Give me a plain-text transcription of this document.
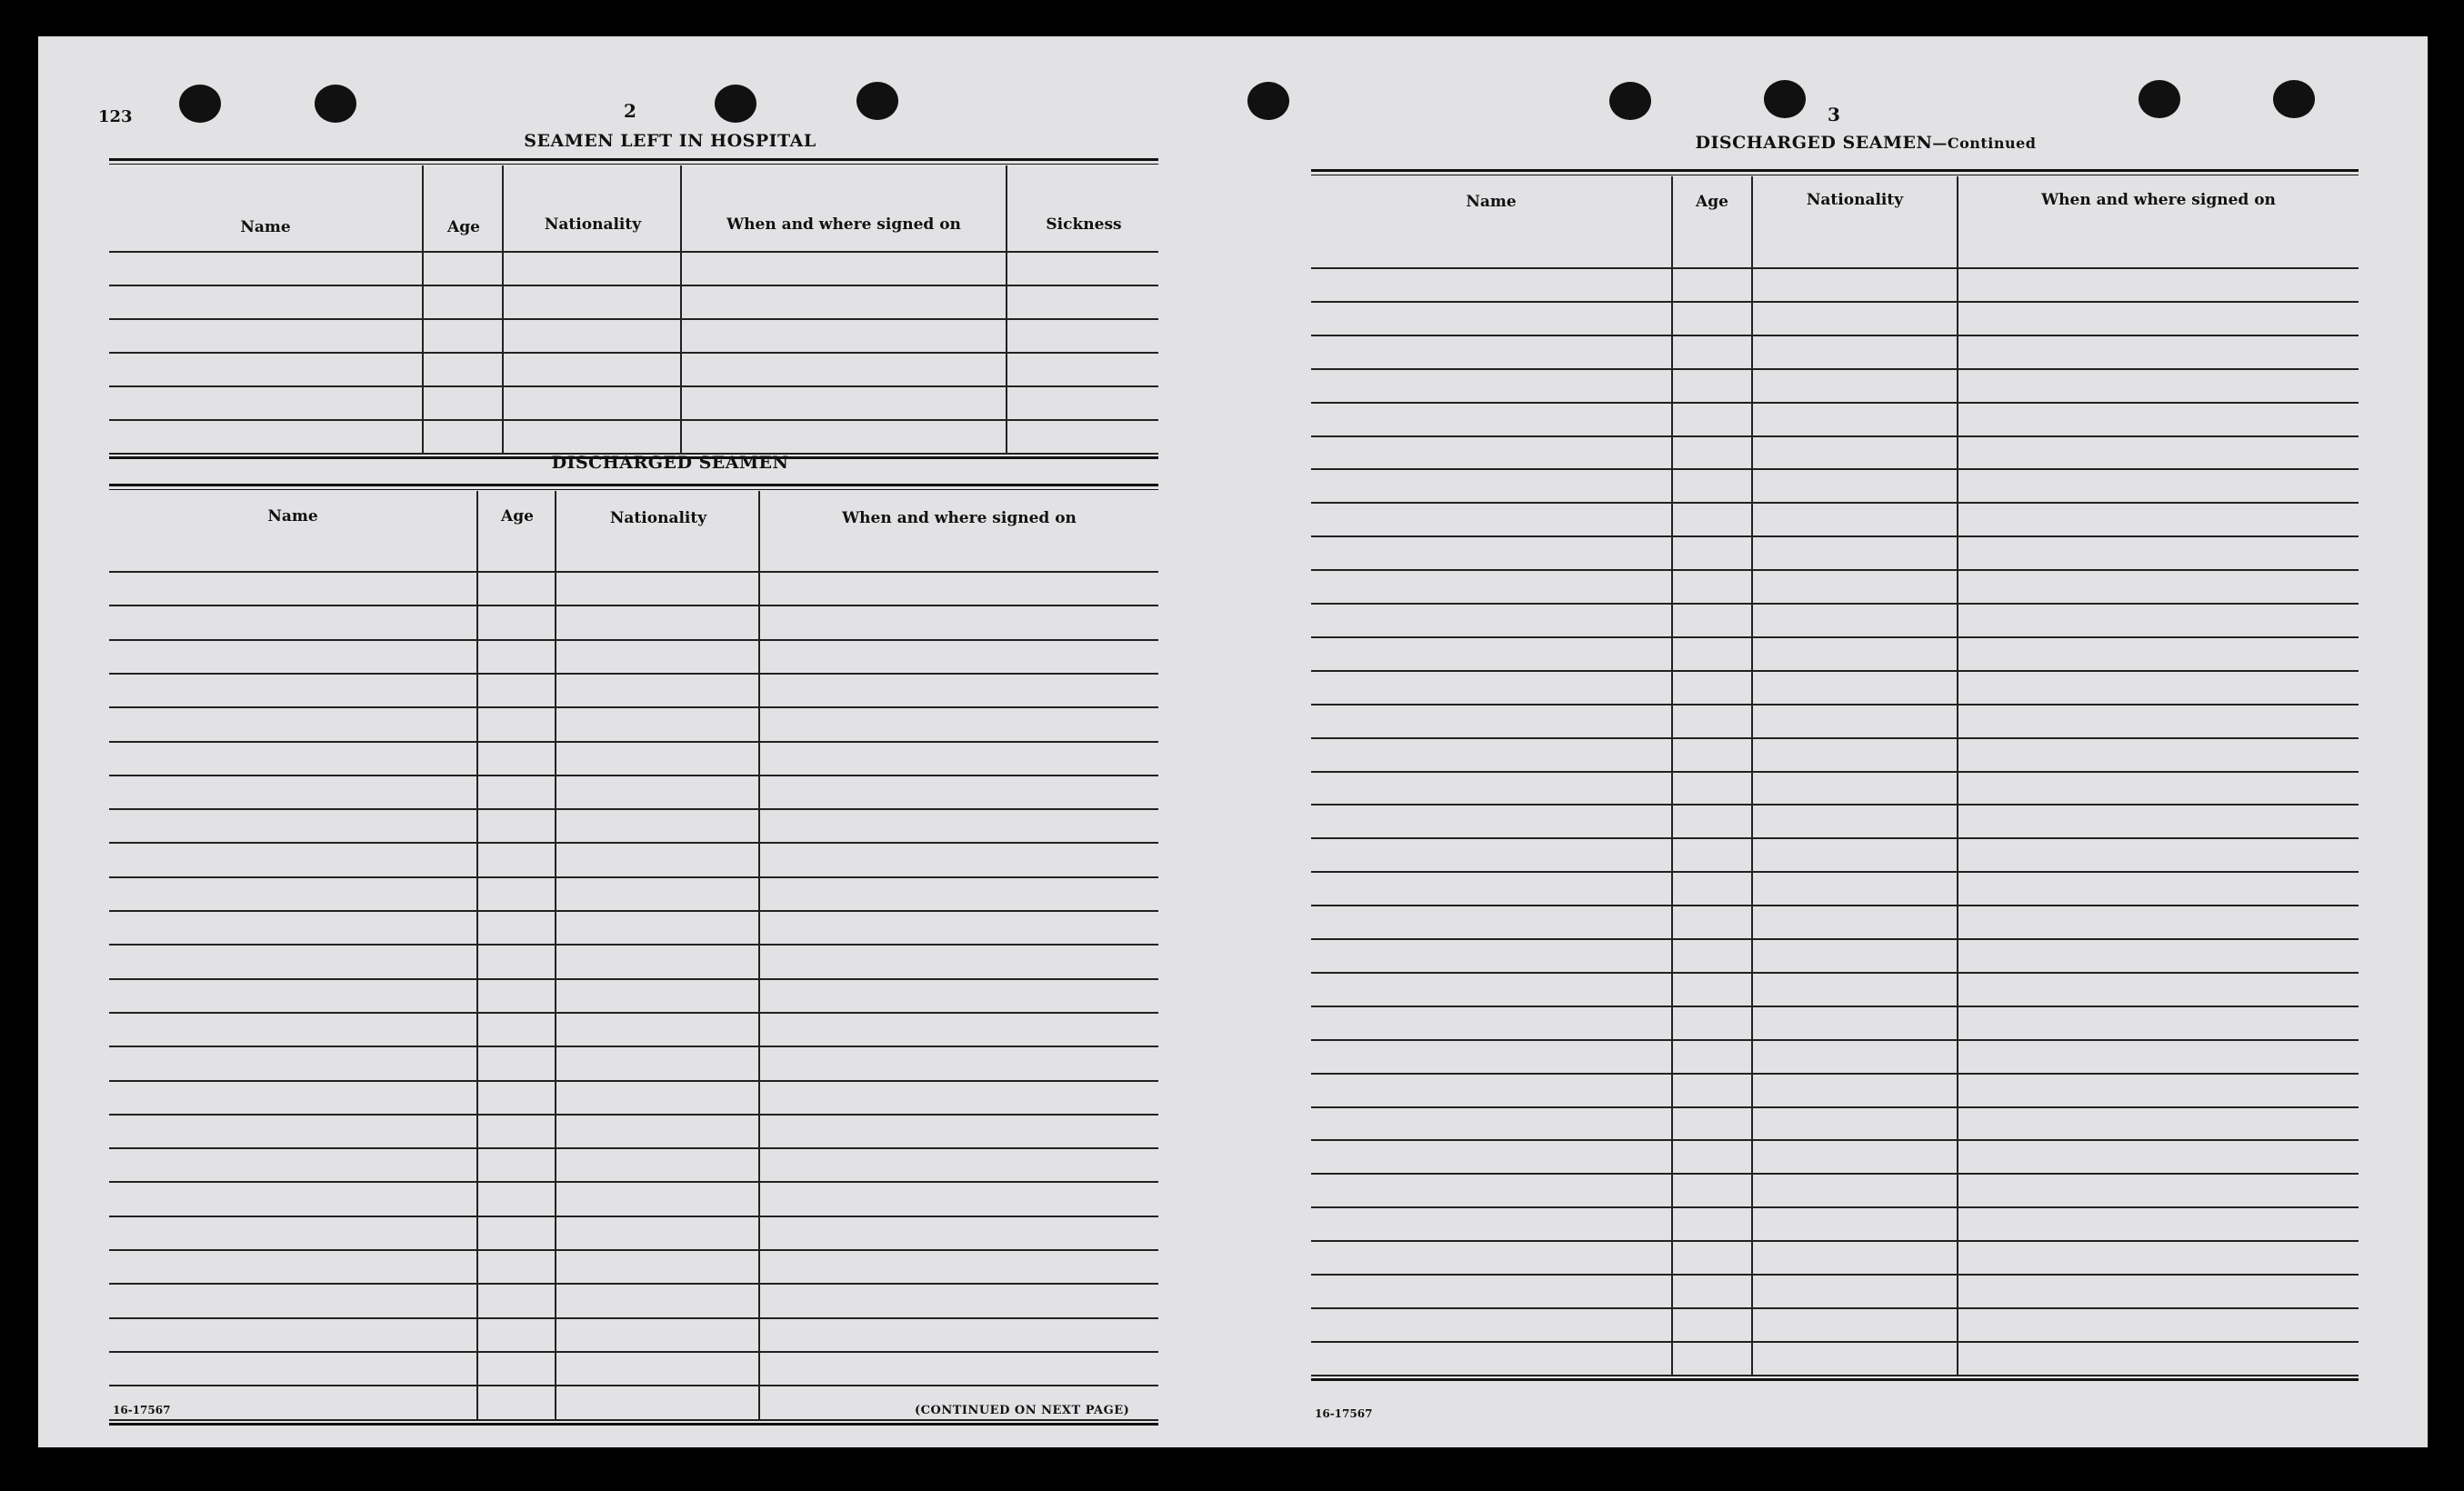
123	2
SEAMEN LEFT IN HOSPITAL
Name	Age	Nationality	When and where signed on	Sickness
DISCHARGED SEAMEN
Name	Age	Nationality	When and where signed on
16-17567	(CONTINUED ON NEXT PAGE)
3
DISCHARGED SEAMEN—Continued
Name	Age	Nationality	When and where signed on
16-17567
